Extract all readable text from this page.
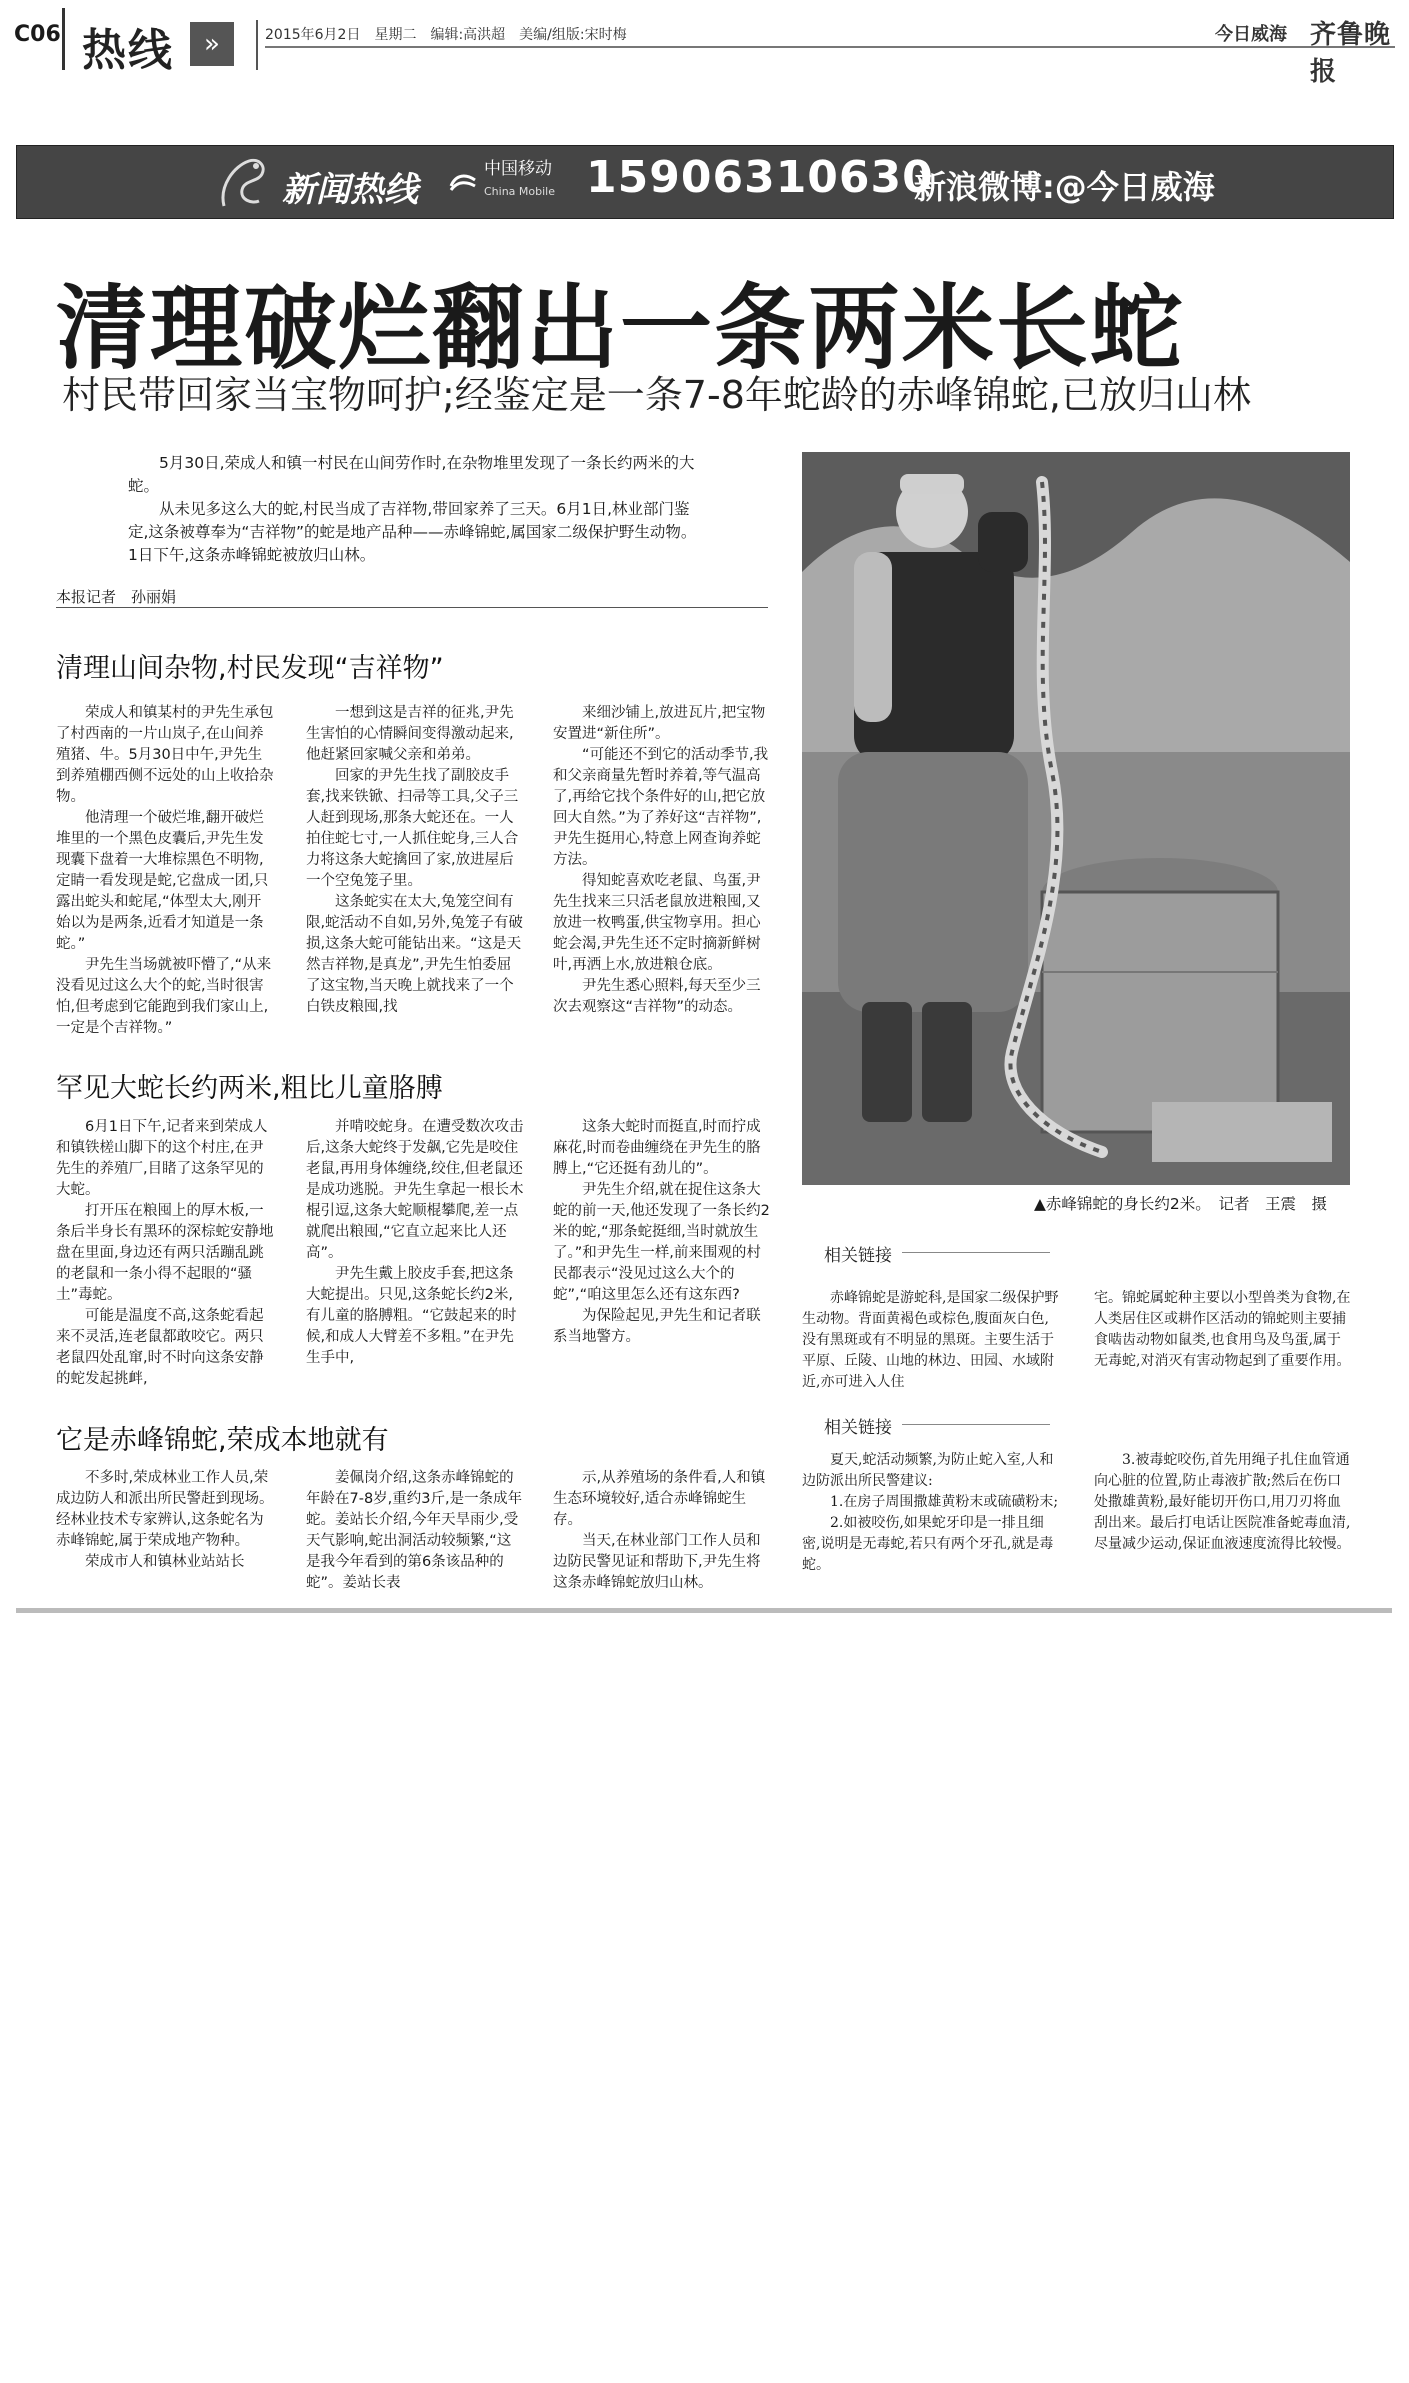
C06 热线	»	2015年6月2日　星期二　编辑:高洪超　美编/组版:宋时梅	今日威海 齐鲁晚报
新闻热线
中国移动
China Mobile 15906310630
新浪微博:@今日威海
清理破烂翻出一条两米长蛇
村民带回家当宝物呵护;经鉴定是一条7-8年蛇龄的赤峰锦蛇,已放归山林

5月30日,荣成人和镇一村民在山间劳作时,在杂物堆里发现了一条长约两米的大蛇。

从未见多这么大的蛇,村民当成了吉祥物,带回家养了三天。6月1日,林业部门鉴定,这条被尊奉为“吉祥物”的蛇是地产品种——赤峰锦蛇,属国家二级保护野生动物。1日下午,这条赤峰锦蛇被放归山林。

本报记者　孙丽娟
清理山间杂物,村民发现“吉祥物”

荣成人和镇某村的尹先生承包了村西南的一片山岚子,在山间养殖猪、牛。5月30日中午,尹先生到养殖棚西侧不远处的山上收拾杂物。

他清理一个破烂堆,翻开破烂堆里的一个黑色皮囊后,尹先生发现囊下盘着一大堆棕黑色不明物,定睛一看发现是蛇,它盘成一团,只露出蛇头和蛇尾,“体型太大,刚开始以为是两条,近看才知道是一条蛇。”

尹先生当场就被吓懵了,“从来没看见过这么大个的蛇,当时很害怕,但考虑到它能跑到我们家山上,一定是个吉祥物。”

一想到这是吉祥的征兆,尹先生害怕的心情瞬间变得激动起来,他赶紧回家喊父亲和弟弟。

回家的尹先生找了副胶皮手套,找来铁锨、扫帚等工具,父子三人赶到现场,那条大蛇还在。一人拍住蛇七寸,一人抓住蛇身,三人合力将这条大蛇擒回了家,放进屋后一个空兔笼子里。

这条蛇实在太大,兔笼空间有限,蛇活动不自如,另外,兔笼子有破损,这条大蛇可能钻出来。“这是天然吉祥物,是真龙”,尹先生怕委屈了这宝物,当天晚上就找来了一个白铁皮粮囤,找

来细沙铺上,放进瓦片,把宝物安置进“新住所”。

“可能还不到它的活动季节,我和父亲商量先暂时养着,等气温高了,再给它找个条件好的山,把它放回大自然。”为了养好这“吉祥物”,尹先生挺用心,特意上网查询养蛇方法。

得知蛇喜欢吃老鼠、鸟蛋,尹先生找来三只活老鼠放进粮囤,又放进一枚鸭蛋,供宝物享用。担心蛇会渴,尹先生还不定时摘新鲜树叶,再洒上水,放进粮仓底。

尹先生悉心照料,每天至少三次去观察这“吉祥物”的动态。

罕见大蛇长约两米,粗比儿童胳膊

6月1日下午,记者来到荣成人和镇铁槎山脚下的这个村庄,在尹先生的养殖厂,目睹了这条罕见的大蛇。

打开压在粮囤上的厚木板,一条后半身长有黑环的深棕蛇安静地盘在里面,身边还有两只活蹦乱跳的老鼠和一条小得不起眼的“骚土”毒蛇。

可能是温度不高,这条蛇看起来不灵活,连老鼠都敢咬它。两只老鼠四处乱窜,时不时向这条安静的蛇发起挑衅,

并啃咬蛇身。在遭受数次攻击后,这条大蛇终于发飙,它先是咬住老鼠,再用身体缠绕,绞住,但老鼠还是成功逃脱。尹先生拿起一根长木棍引逗,这条大蛇顺棍攀爬,差一点就爬出粮囤,“它直立起来比人还高”。

尹先生戴上胶皮手套,把这条大蛇提出。只见,这条蛇长约2米,有儿童的胳膊粗。“它鼓起来的时候,和成人大臂差不多粗。”在尹先生手中,

这条大蛇时而挺直,时而拧成麻花,时而卷曲缠绕在尹先生的胳膊上,“它还挺有劲儿的”。

尹先生介绍,就在捉住这条大蛇的前一天,他还发现了一条长约2米的蛇,“那条蛇挺细,当时就放生了。”和尹先生一样,前来围观的村民都表示“没见过这么大个的蛇”,“咱这里怎么还有这东西?

为保险起见,尹先生和记者联系当地警方。

它是赤峰锦蛇,荣成本地就有

不多时,荣成林业工作人员,荣成边防人和派出所民警赶到现场。经林业技术专家辨认,这条蛇名为赤峰锦蛇,属于荣成地产物种。

荣成市人和镇林业站站长

姜佩岗介绍,这条赤峰锦蛇的年龄在7-8岁,重约3斤,是一条成年蛇。姜站长介绍,今年天旱雨少,受天气影响,蛇出洞活动较频繁,“这是我今年看到的第6条该品种的蛇”。姜站长表

示,从养殖场的条件看,人和镇生态环境较好,适合赤峰锦蛇生存。

当天,在林业部门工作人员和边防民警见证和帮助下,尹先生将这条赤峰锦蛇放归山林。

▲赤峰锦蛇的身长约2米。　记者　王震　摄
相关链接

赤峰锦蛇是游蛇科,是国家二级保护野生动物。背面黄褐色或棕色,腹面灰白色,没有黑斑或有不明显的黑斑。主要生活于平原、丘陵、山地的林边、田园、水域附近,亦可进入人住

宅。锦蛇属蛇种主要以小型兽类为食物,在人类居住区或耕作区活动的锦蛇则主要捕食啮齿动物如鼠类,也食用鸟及鸟蛋,属于无毒蛇,对消灭有害动物起到了重要作用。

相关链接

夏天,蛇活动频繁,为防止蛇入室,人和边防派出所民警建议:

1.在房子周围撒雄黄粉末或硫磺粉末;

2.如被咬伤,如果蛇牙印是一排且细密,说明是无毒蛇,若只有两个牙孔,就是毒蛇。

3.被毒蛇咬伤,首先用绳子扎住血管通向心脏的位置,防止毒液扩散;然后在伤口处撒雄黄粉,最好能切开伤口,用刀刃将血刮出来。最后打电话让医院准备蛇毒血清,尽量减少运动,保证血液速度流得比较慢。
